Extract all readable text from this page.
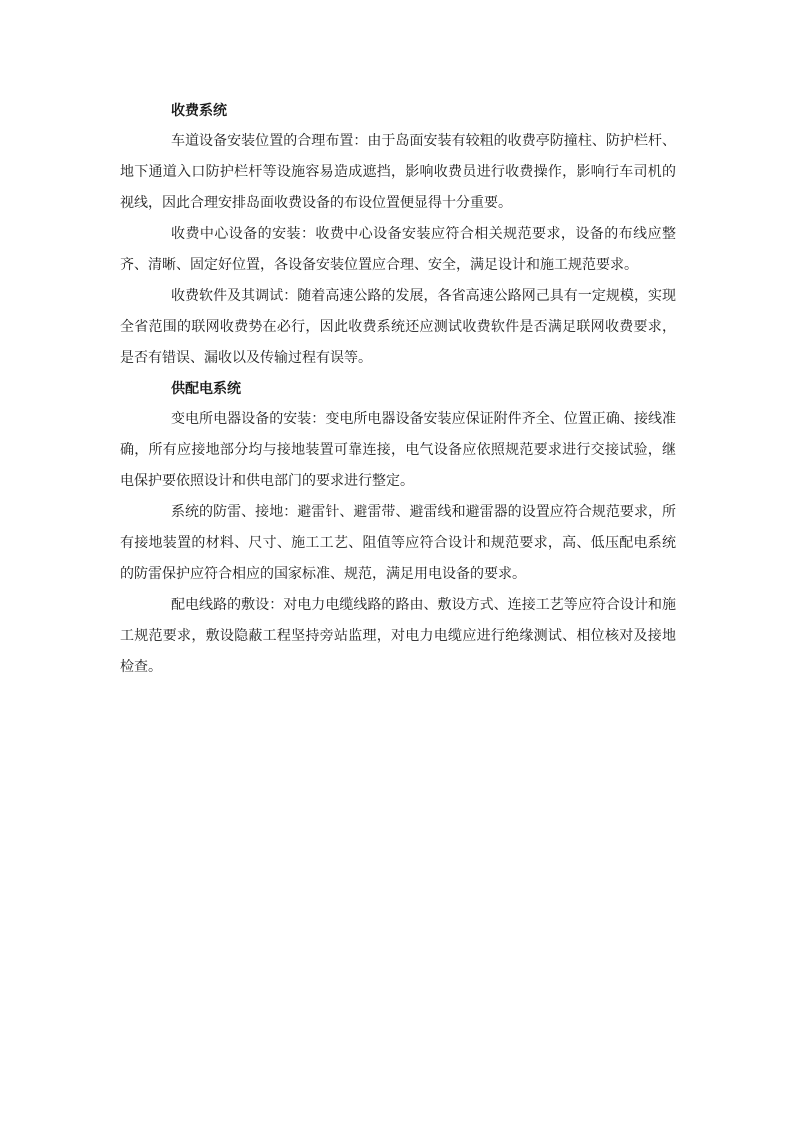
收费系统

车道设备安装位置的合理布置：由于岛面安装有较粗的收费亭防撞柱、防护栏杆、地下通道入口防护栏杆等设施容易造成遮挡，影响收费员进行收费操作，影响行车司机的视线，因此合理安排岛面收费设备的布设位置便显得十分重要。

收费中心设备的安装：收费中心设备安装应符合相关规范要求，设备的布线应整齐、清晰、固定好位置，各设备安装位置应合理、安全，满足设计和施工规范要求。

收费软件及其调试：随着高速公路的发展，各省高速公路网己具有一定规模，实现全省范围的联网收费势在必行，因此收费系统还应测试收费软件是否满足联网收费要求，是否有错误、漏收以及传输过程有误等。

供配电系统

变电所电器设备的安装：变电所电器设备安装应保证附件齐全、位置正确、接线准确，所有应接地部分均与接地装置可靠连接，电气设备应依照规范要求进行交接试验，继电保护要依照设计和供电部门的要求进行整定。

系统的防雷、接地：避雷针、避雷带、避雷线和避雷器的设置应符合规范要求，所有接地装置的材料、尺寸、施工工艺、阻值等应符合设计和规范要求，高、低压配电系统的防雷保护应符合相应的国家标准、规范，满足用电设备的要求。

配电线路的敷设：对电力电缆线路的路由、敷设方式、连接工艺等应符合设计和施工规范要求，敷设隐蔽工程坚持旁站监理，对电力电缆应进行绝缘测试、相位核对及接地检查。
